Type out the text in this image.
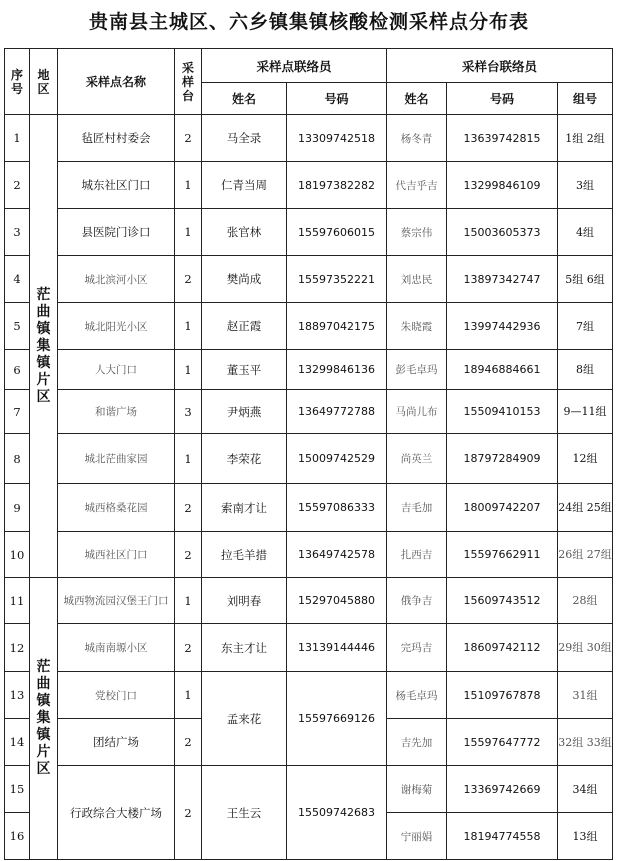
贵南县主城区、六乡镇集镇核酸检测采样点分布表
序号	地区	采样点名称	采样台	采样点联络员		采样台联络员		
				姓名	号码	姓名	号码	组号
1	茫曲镇集镇片区	毡匠村村委会	2	马全录	13309742518	杨冬青	13639742815	1组 2组
2		城东社区门口	1	仁青当周	18197382282	代吉乎吉	13299846109	3组
3		县医院门诊口	1	张官林	15597606015	蔡宗伟	15003605373	4组
4		城北滨河小区	2	樊尚成	15597352221	刘忠民	13897342747	5组 6组
5		城北阳光小区	1	赵正霞	18897042175	朱晓霞	13997442936	7组
6		人大门口	1	董玉平	13299846136	彭毛卓玛	18946884661	8组
7		和谐广场	3	尹炳燕	13649772788	马尚儿布	15509410153	9—11组
8		城北茫曲家园	1	李荣花	15009742529	尚英兰	18797284909	12组
9		城西格桑花园	2	索南才让	15597086333	吉毛加	18009742207	24组 25组
10		城西社区门口	2	拉毛羊措	13649742578	扎西吉	15597662911	26组 27组
11	茫曲镇集镇片区	城西物流园汉堡王门口	1	刘明春	15297045880	俄争吉	15609743512	28组
12		城南南塬小区	2	东主才让	13139144446	完玛吉	18609742112	29组 30组
13		党校门口	1	孟来花	15597669126	杨毛卓玛	15109767878	31组
14		团结广场	2			吉先加	15597647772	32组 33组
15		行政综合大楼广场	2	王生云	15509742683	谢梅菊	13369742669	34组
16						宁丽娟	18194774558	13组
